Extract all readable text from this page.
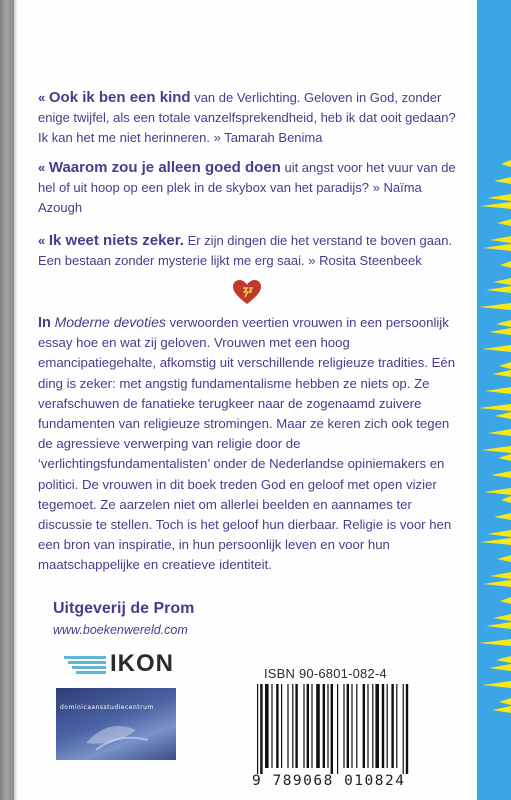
« Ook ik ben een kind van de Verlichting. Geloven in God, zonder enige twijfel, als een totale vanzelfsprekendheid, heb ik dat ooit gedaan? Ik kan het me niet herinneren. » Tamarah Benima
« Waarom zou je alleen goed doen uit angst voor het vuur van de hel of uit hoop op een plek in de skybox van het paradijs? » Naïma Azough
« Ik weet niets zeker. Er zijn dingen die het verstand te boven gaan. Een bestaan zonder mysterie lijkt me erg saai. » Rosita Steenbeek
In Moderne devoties verwoorden veertien vrouwen in een persoonlijk essay hoe en wat zij geloven. Vrouwen met een hoog emancipatiegehalte, afkomstig uit verschillende religieuze tradities. Eén ding is zeker: met angstig fundamentalisme hebben ze niets op. Ze verafschuwen de fanatieke terugkeer naar de zogenaamd zuivere fundamenten van religieuze stromingen. Maar ze keren zich ook tegen de agressieve verwerping van religie door de ‘verlichtingsfundamentalisten’ onder de Nederlandse opiniemakers en politici. De vrouwen in dit boek treden God en geloof met open vizier tegemoet. Ze aarzelen niet om allerlei beelden en aannames ter discussie te stellen. Toch is het geloof hun dierbaar. Religie is voor hen een bron van inspiratie, in hun persoonlijk leven en voor hun maatschappelijke en creatieve identiteit.
Uitgeverij de Prom
www.boekenwereld.com
IKON
dominicaansstudiecentrum
ISBN 90-6801-082-4
9 789068 010824
